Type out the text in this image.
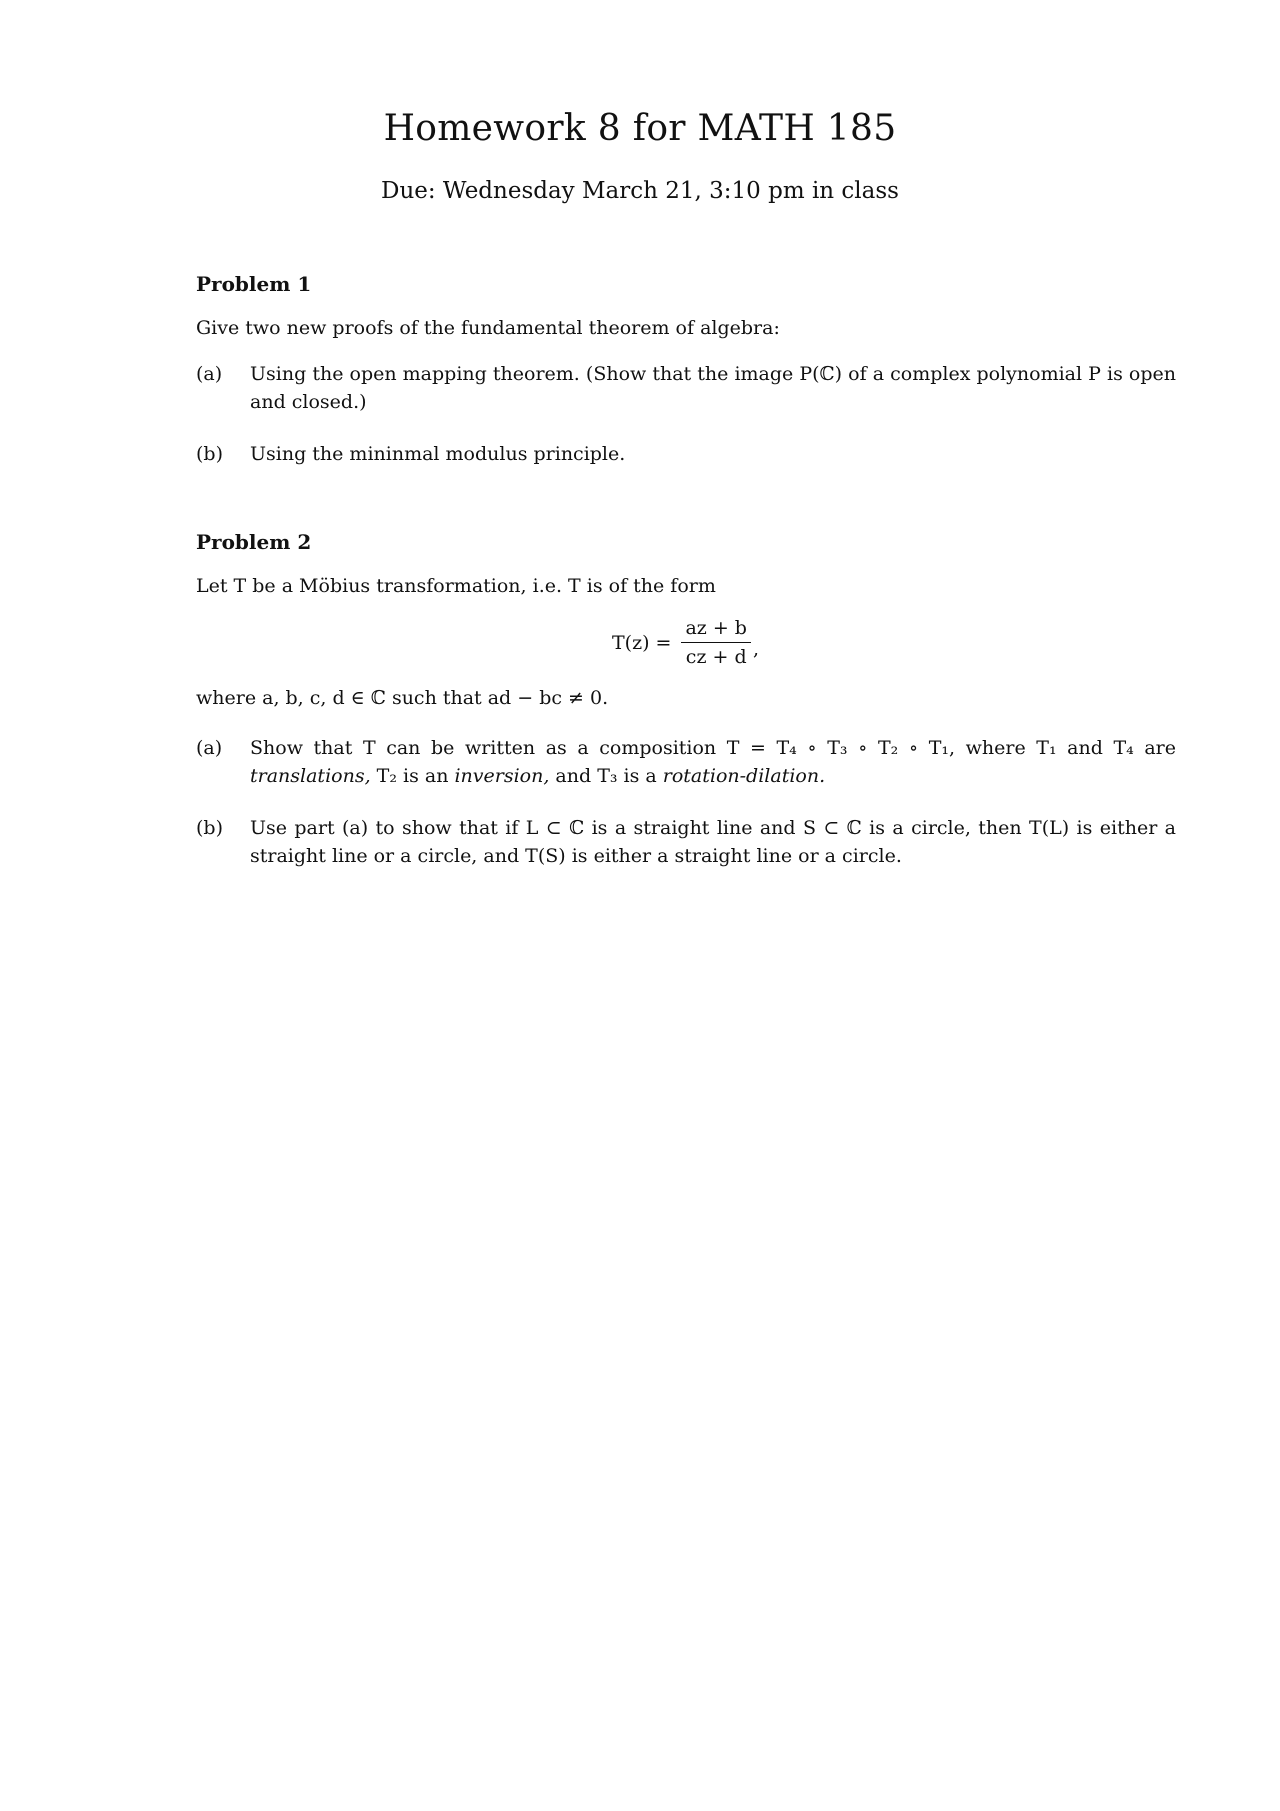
Homework 8 for MATH 185
Due: Wednesday March 21, 3:10 pm in class
Problem 1
Give two new proofs of the fundamental theorem of algebra:
(a) Using the open mapping theorem. (Show that the image P(ℂ) of a complex polynomial P is open and closed.)
(b) Using the mininmal modulus principle.
Problem 2
Let T be a Möbius transformation, i.e. T is of the form
$T(z) = \frac{az + b}{cz + d}$ ,
where a, b, c, d ∈ ℂ such that ad − bc ≠ 0.
(a) Show that T can be written as a composition T = T₄ ∘ T₃ ∘ T₂ ∘ T₁, where T₁ and T₄ are translations, T₂ is an inversion, and T₃ is a rotation-dilation.
(b) Use part (a) to show that if L ⊂ ℂ is a straight line and S ⊂ ℂ is a circle, then T(L) is either a straight line or a circle, and T(S) is either a straight line or a circle.
